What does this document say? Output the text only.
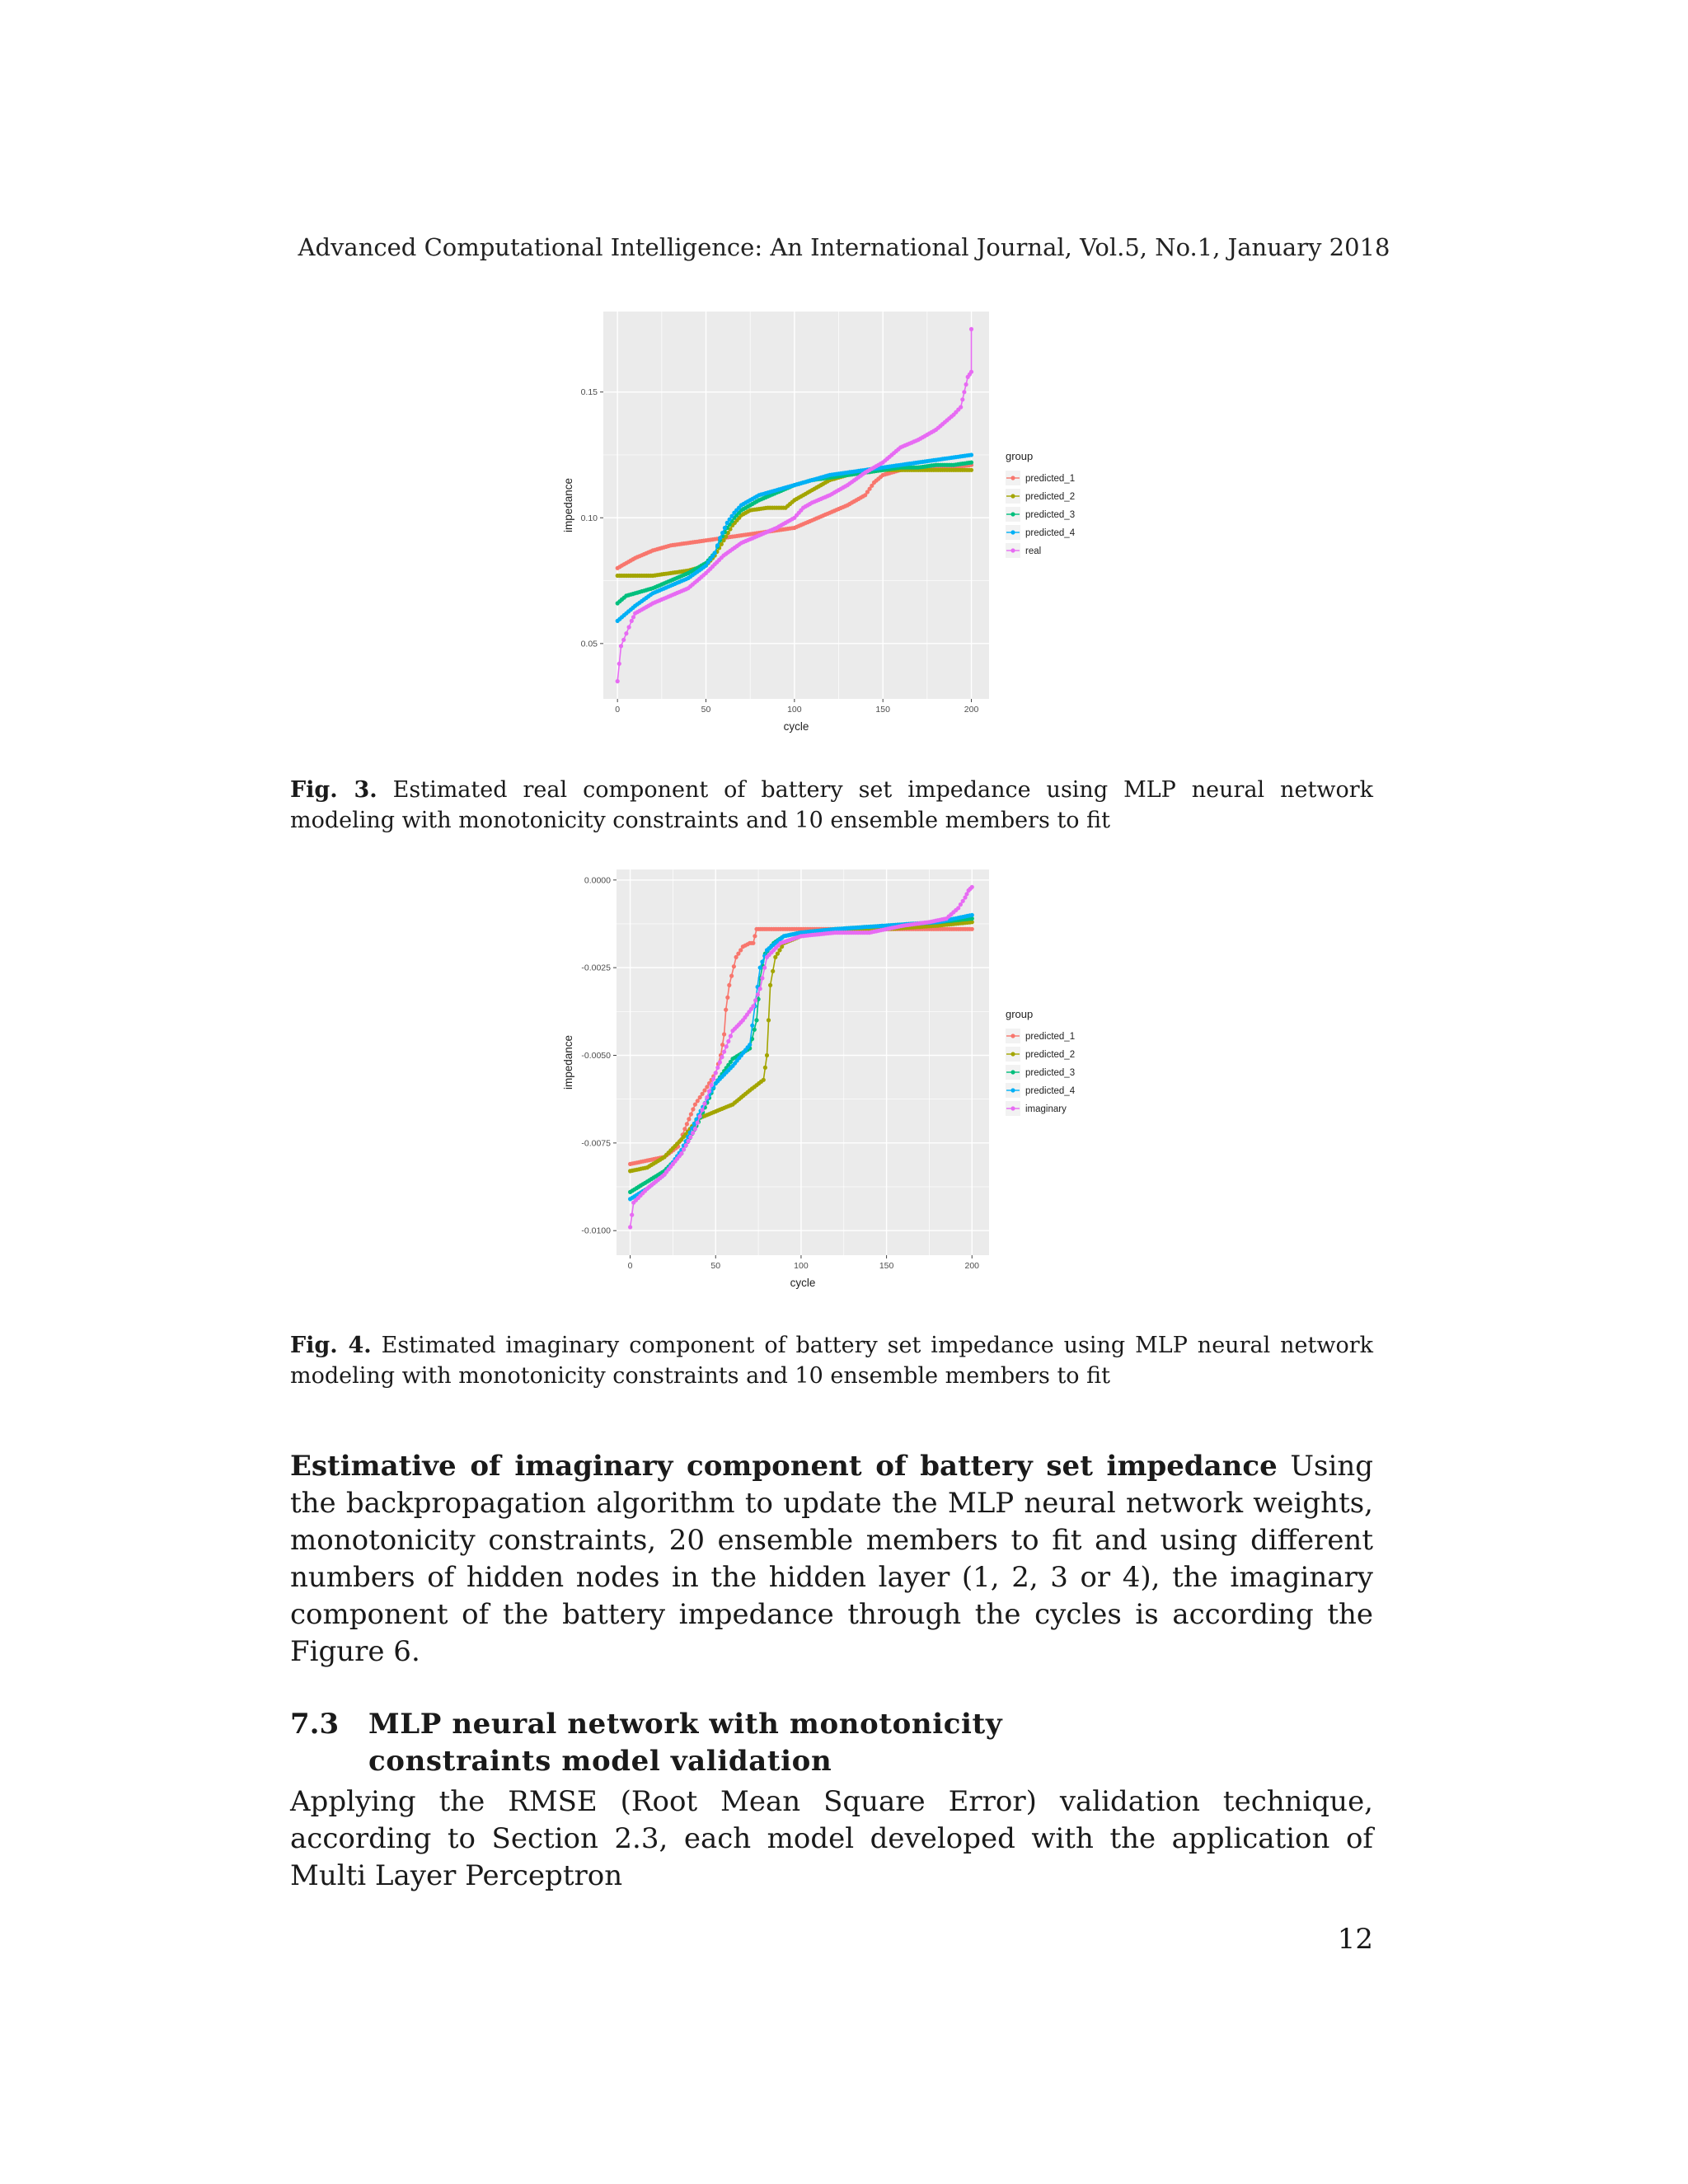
Advanced Computational Intelligence: An International Journal, Vol.5, No.1, January 2018
0	50	100	150	200
0.05
0.10
0.15
cycle
impedance
group
predicted_1
predicted_2
predicted_3
predicted_4
real
Fig. 3. Estimated real component of battery set impedance using MLP neural network modeling with monotonicity constraints and 10 ensemble members to fit
0	50	100	150	200
0.0000
-0.0025
-0.0050
-0.0075
-0.0100
cycle
impedance
group
predicted_1
predicted_2
predicted_3
predicted_4
imaginary
Fig. 4. Estimated imaginary component of battery set impedance using MLP neural network modeling with monotonicity constraints and 10 ensemble members to fit
Estimative of imaginary component of battery set impedance Using the backpropagation algorithm to update the MLP neural network weights, monotonicity constraints, 20 ensemble members to fit and using different numbers of hidden nodes in the hidden layer (1, 2, 3 or 4), the imaginary component of the battery impedance through the cycles is according the Figure 6.
7.3 MLP neural network with monotonicity constraints model validation
Applying the RMSE (Root Mean Square Error) validation technique, according to Section 2.3, each model developed with the application of Multi Layer Perceptron
12
